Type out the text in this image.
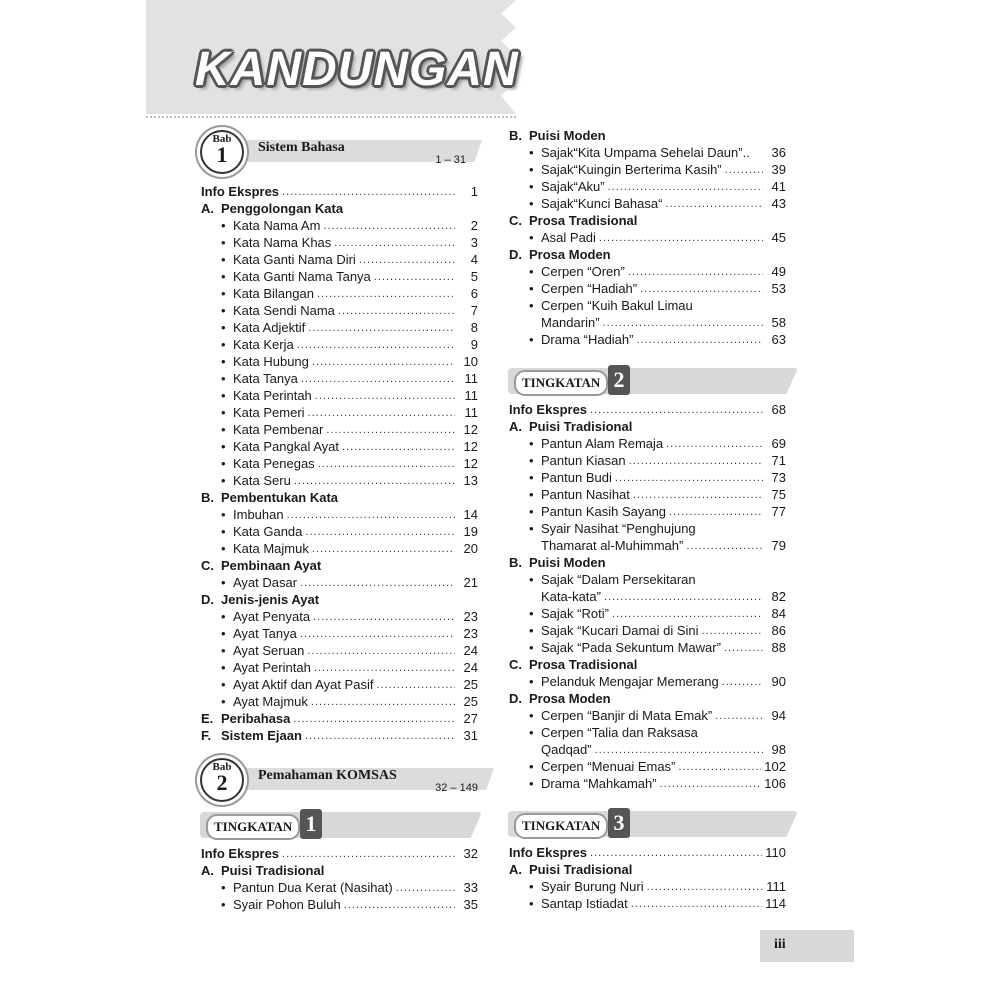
KANDUNGAN
Bab
1	Sistem Bahasa
1 – 31
Info Ekspres .....	1
A. Penggolongan Kata
• Kata Nama Am .....	2
• Kata Nama Khas .....	3
• Kata Ganti Nama Diri .....	4
• Kata Ganti Nama Tanya .....	5
• Kata Bilangan .....	6
• Kata Sendi Nama .....	7
• Kata Adjektif .....	8
• Kata Kerja .....	9
• Kata Hubung .....	10
• Kata Tanya .....	11
• Kata Perintah .....	11
• Kata Pemeri .....	11
• Kata Pembenar .....	12
• Kata Pangkal Ayat .....	12
• Kata Penegas .....	12
• Kata Seru .....	13
B. Pembentukan Kata
• Imbuhan .....	14
• Kata Ganda .....	19
• Kata Majmuk .....	20
C. Pembinaan Ayat
• Ayat Dasar .....	21
D. Jenis-jenis Ayat
• Ayat Penyata .....	23
• Ayat Tanya .....	23
• Ayat Seruan .....	24
• Ayat Perintah .....	24
• Ayat Aktif dan Ayat Pasif .....	25
• Ayat Majmuk .....	25
E. Peribahasa .....	27
F. Sistem Ejaan .....	31
Bab
2	Pemahaman KOMSAS
32 – 149
TINGKATAN 1
Info Ekspres .....	32
A. Puisi Tradisional
• Pantun Dua Kerat (Nasihat) .....	33
• Syair Pohon Buluh .....	35
B. Puisi Moden
• Sajak“Kita Umpama Sehelai Daun”..	36
• Sajak“Kuingin Berterima Kasih” .....	39
• Sajak“Aku” .....	41
• Sajak“Kunci Bahasa“ .....	43
C. Prosa Tradisional
• Asal Padi .....	45
D. Prosa Moden
• Cerpen “Oren” .....	49
• Cerpen “Hadiah” .....	53
• Cerpen “Kuih Bakul Limau
Mandarin” .....	58
• Drama “Hadiah” .....	63
TINGKATAN 2
Info Ekspres .....	68
A. Puisi Tradisional
• Pantun Alam Remaja .....	69
• Pantun Kiasan .....	71
• Pantun Budi .....	73
• Pantun Nasihat .....	75
• Pantun Kasih Sayang .....	77
• Syair Nasihat “Penghujung
Thamarat al-Muhimmah” .....	79
B. Puisi Moden
• Sajak “Dalam Persekitaran
Kata-kata” .....	82
• Sajak “Roti” .....	84
• Sajak “Kucari Damai di Sini .....	86
• Sajak “Pada Sekuntum Mawar” .....	88
C. Prosa Tradisional
• Pelanduk Mengajar Memerang .....	90
D. Prosa Moden
• Cerpen “Banjir di Mata Emak” .....	94
• Cerpen “Talia dan Raksasa
Qadqad” .....	98
• Cerpen “Menuai Emas” .....	102
• Drama “Mahkamah” .....	106
TINGKATAN 3
Info Ekspres .....	110
A. Puisi Tradisional
• Syair Burung Nuri .....	111
• Santap Istiadat .....	114
iii
